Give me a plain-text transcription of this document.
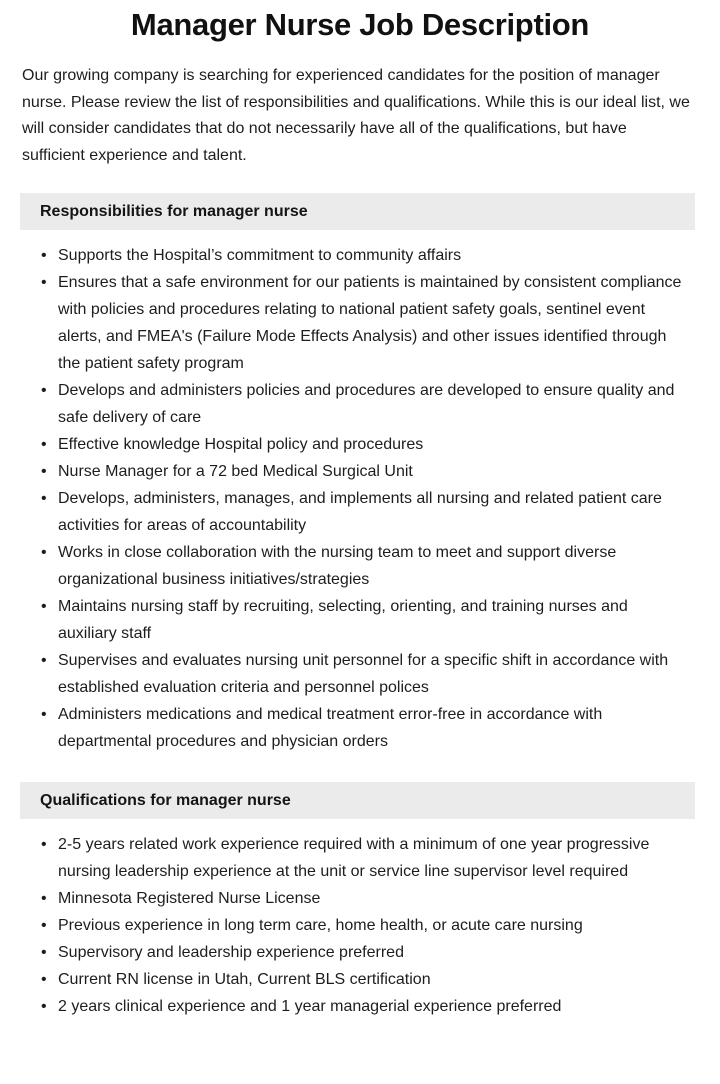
Manager Nurse Job Description

Our growing company is searching for experienced candidates for the position of manager nurse. Please review the list of responsibilities and qualifications. While this is our ideal list, we will consider candidates that do not necessarily have all of the qualifications, but have sufficient experience and talent.

Responsibilities for manager nurse
• Supports the Hospital’s commitment to community affairs
• Ensures that a safe environment for our patients is maintained by consistent compliance with policies and procedures relating to national patient safety goals, sentinel event alerts, and FMEA's (Failure Mode Effects Analysis) and other issues identified through the patient safety program
• Develops and administers policies and procedures are developed to ensure quality and safe delivery of care
• Effective knowledge Hospital policy and procedures
• Nurse Manager for a 72 bed Medical Surgical Unit
• Develops, administers, manages, and implements all nursing and related patient care activities for areas of accountability
• Works in close collaboration with the nursing team to meet and support diverse organizational business initiatives/strategies
• Maintains nursing staff by recruiting, selecting, orienting, and training nurses and auxiliary staff
• Supervises and evaluates nursing unit personnel for a specific shift in accordance with established evaluation criteria and personnel polices
• Administers medications and medical treatment error-free in accordance with departmental procedures and physician orders
Qualifications for manager nurse
• 2-5 years related work experience required with a minimum of one year progressive nursing leadership experience at the unit or service line supervisor level required
• Minnesota Registered Nurse License
• Previous experience in long term care, home health, or acute care nursing
• Supervisory and leadership experience preferred
• Current RN license in Utah, Current BLS certification
• 2 years clinical experience and 1 year managerial experience preferred
